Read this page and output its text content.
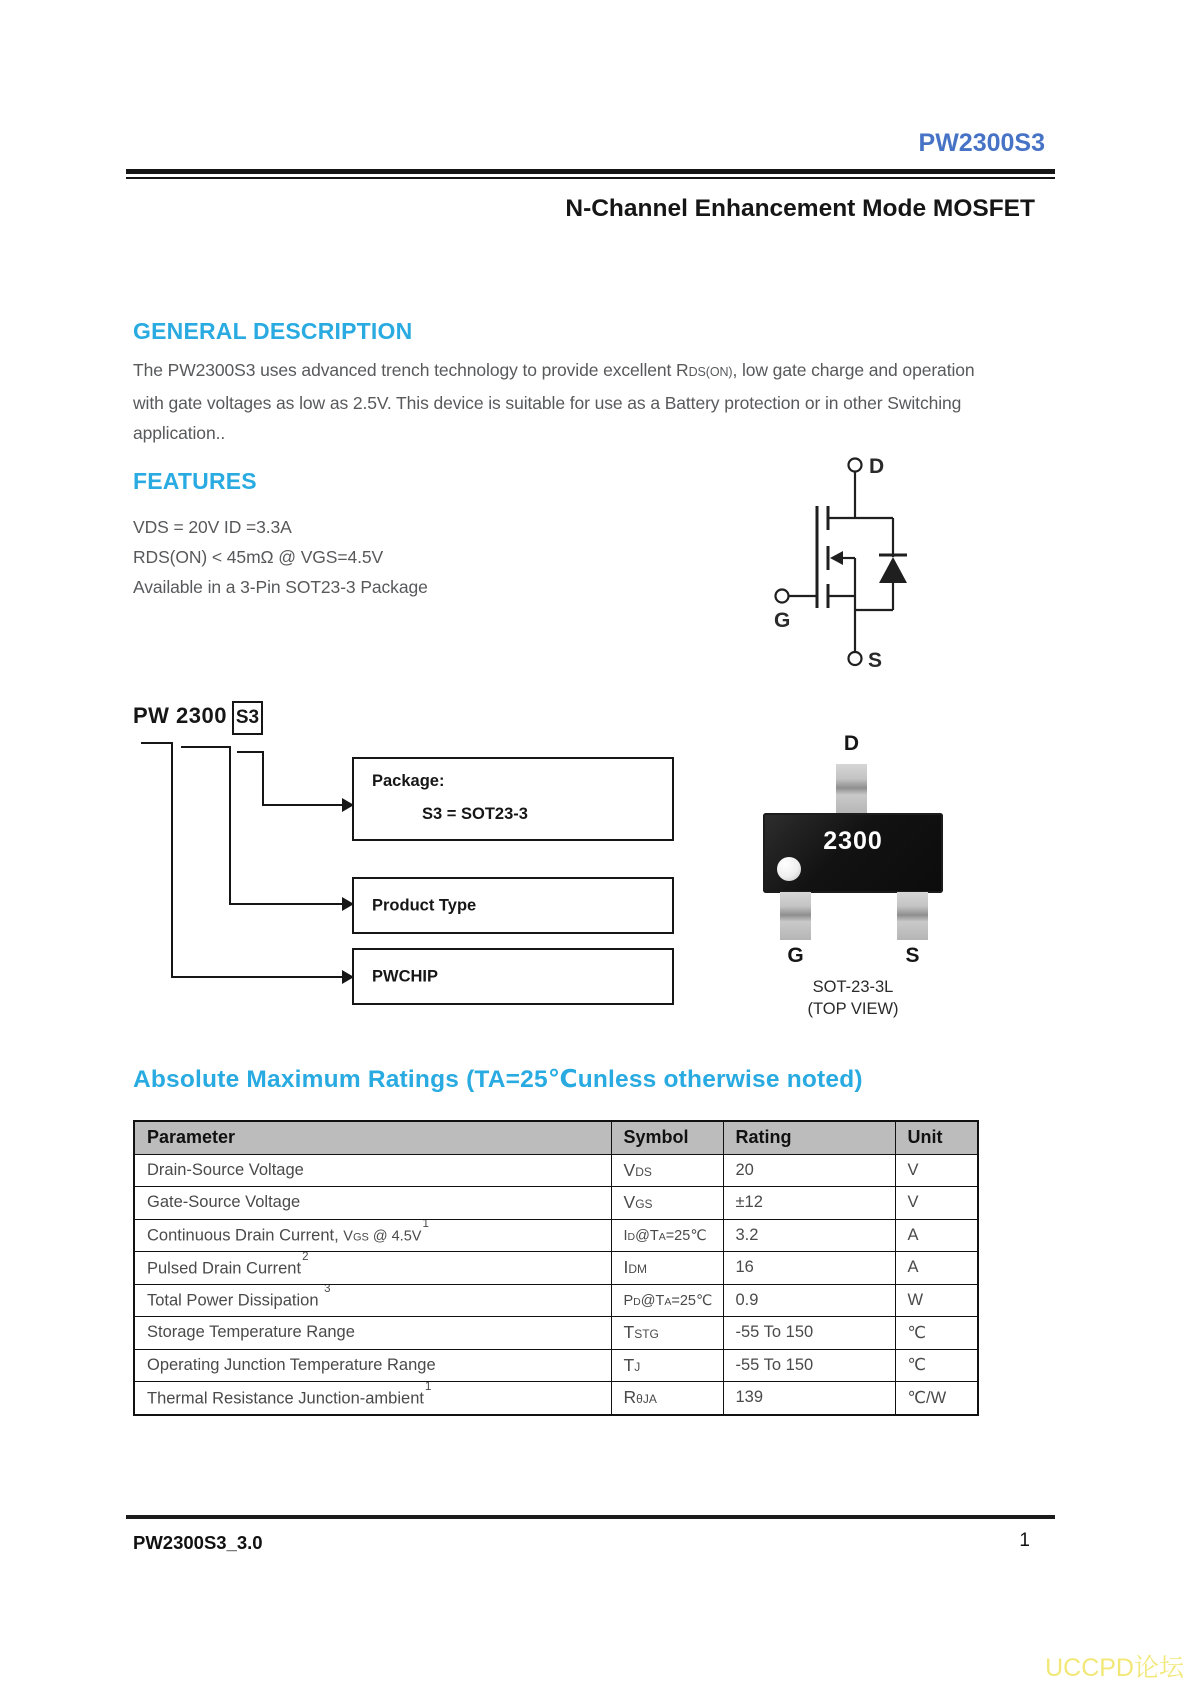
PW2300S3
N-Channel Enhancement Mode MOSFET
GENERAL DESCRIPTION

The PW2300S3 uses advanced trench technology to provide excellent RDS(ON), low gate charge and operation with gate voltages as low as 2.5V. This device is suitable for use as a Battery protection or in other Switching application..

FEATURES
VDS = 20V ID =3.3A
RDS(ON) < 45mΩ @ VGS=4.5V
Available in a 3-Pin SOT23-3 Package
D
G
S
PW 2300 S3
Package:
S3 = SOT23-3
Product Type
PWCHIP
D
2300
G	S
SOT-23-3L
(TOP VIEW)
Absolute Maximum Ratings (TA=25℃unless otherwise noted)
Parameter	Symbol	Rating	Unit
Drain-Source Voltage	VDS	20	V
Gate-Source Voltage	VGS	±12	V
Continuous Drain Current, VGS @ 4.5V$^1$	ID@TA=25℃	3.2	A
Pulsed Drain Current$^2$	IDM	16	A
Total Power Dissipation $^3$	PD@TA=25℃	0.9	W
Storage Temperature Range	TSTG	-55 To 150	℃
Operating Junction Temperature Range	TJ	-55 To 150	℃
Thermal Resistance Junction-ambient$^1$	RθJA	139	℃/W
PW2300S3_3.0	1
UCCPD论坛
